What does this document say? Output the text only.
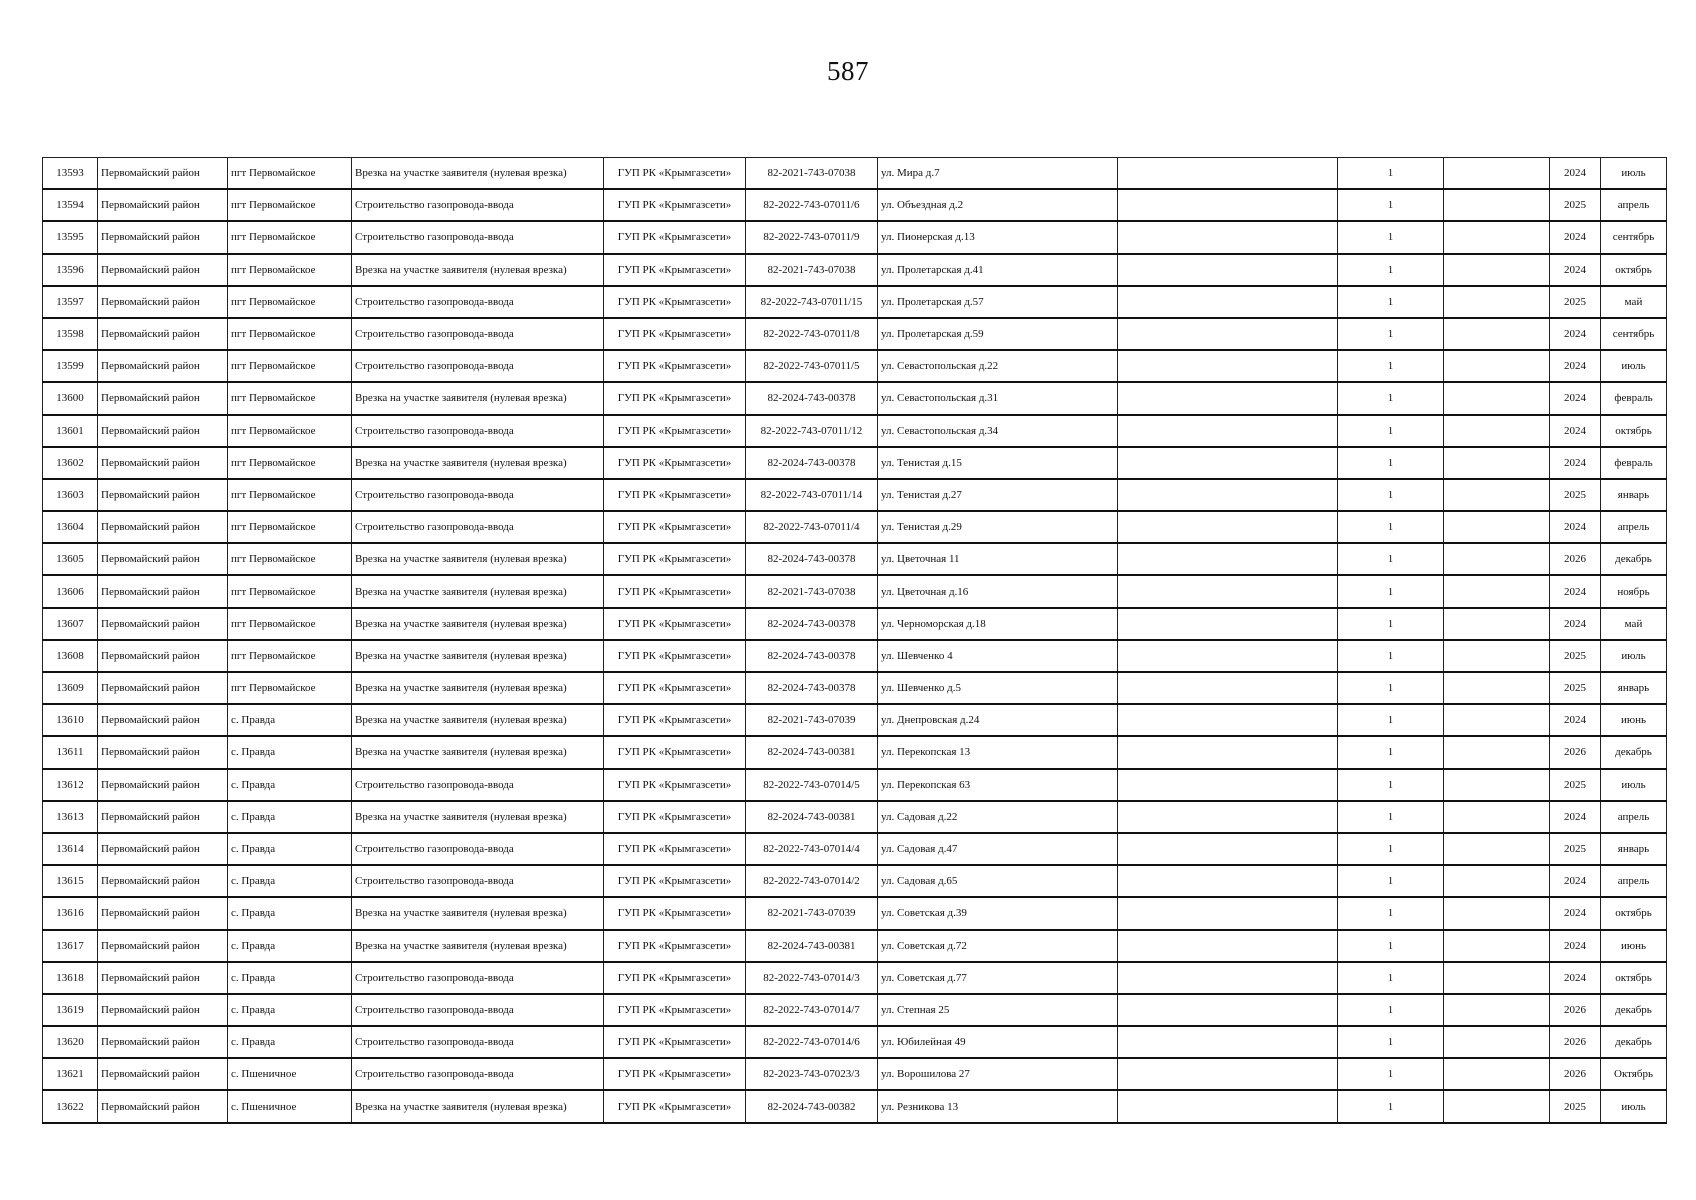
587
13593	Первомайский район	пгт Первомайское	Врезка на участке заявителя (нулевая врезка)	ГУП РК «Крымгазсети»	82-2021-743-07038	ул. Мира д.7		1		2024	июль
13594	Первомайский район	пгт Первомайское	Строительство газопровода-ввода	ГУП РК «Крымгазсети»	82-2022-743-07011/6	ул. Объездная д.2		1		2025	апрель
13595	Первомайский район	пгт Первомайское	Строительство газопровода-ввода	ГУП РК «Крымгазсети»	82-2022-743-07011/9	ул. Пионерская д.13		1		2024	сентябрь
13596	Первомайский район	пгт Первомайское	Врезка на участке заявителя (нулевая врезка)	ГУП РК «Крымгазсети»	82-2021-743-07038	ул. Пролетарская д.41		1		2024	октябрь
13597	Первомайский район	пгт Первомайское	Строительство газопровода-ввода	ГУП РК «Крымгазсети»	82-2022-743-07011/15	ул. Пролетарская д.57		1		2025	май
13598	Первомайский район	пгт Первомайское	Строительство газопровода-ввода	ГУП РК «Крымгазсети»	82-2022-743-07011/8	ул. Пролетарская д.59		1		2024	сентябрь
13599	Первомайский район	пгт Первомайское	Строительство газопровода-ввода	ГУП РК «Крымгазсети»	82-2022-743-07011/5	ул. Севастопольская д.22		1		2024	июль
13600	Первомайский район	пгт Первомайское	Врезка на участке заявителя (нулевая врезка)	ГУП РК «Крымгазсети»	82-2024-743-00378	ул. Севастопольская д.31		1		2024	февраль
13601	Первомайский район	пгт Первомайское	Строительство газопровода-ввода	ГУП РК «Крымгазсети»	82-2022-743-07011/12	ул. Севастопольская д.34		1		2024	октябрь
13602	Первомайский район	пгт Первомайское	Врезка на участке заявителя (нулевая врезка)	ГУП РК «Крымгазсети»	82-2024-743-00378	ул. Тенистая д.15		1		2024	февраль
13603	Первомайский район	пгт Первомайское	Строительство газопровода-ввода	ГУП РК «Крымгазсети»	82-2022-743-07011/14	ул. Тенистая д.27		1		2025	январь
13604	Первомайский район	пгт Первомайское	Строительство газопровода-ввода	ГУП РК «Крымгазсети»	82-2022-743-07011/4	ул. Тенистая д.29		1		2024	апрель
13605	Первомайский район	пгт Первомайское	Врезка на участке заявителя (нулевая врезка)	ГУП РК «Крымгазсети»	82-2024-743-00378	ул. Цветочная 11		1		2026	декабрь
13606	Первомайский район	пгт Первомайское	Врезка на участке заявителя (нулевая врезка)	ГУП РК «Крымгазсети»	82-2021-743-07038	ул. Цветочная д.16		1		2024	ноябрь
13607	Первомайский район	пгт Первомайское	Врезка на участке заявителя (нулевая врезка)	ГУП РК «Крымгазсети»	82-2024-743-00378	ул. Черноморская д.18		1		2024	май
13608	Первомайский район	пгт Первомайское	Врезка на участке заявителя (нулевая врезка)	ГУП РК «Крымгазсети»	82-2024-743-00378	ул. Шевченко 4		1		2025	июль
13609	Первомайский район	пгт Первомайское	Врезка на участке заявителя (нулевая врезка)	ГУП РК «Крымгазсети»	82-2024-743-00378	ул. Шевченко д.5		1		2025	январь
13610	Первомайский район	с. Правда	Врезка на участке заявителя (нулевая врезка)	ГУП РК «Крымгазсети»	82-2021-743-07039	ул. Днепровская д.24		1		2024	июнь
13611	Первомайский район	с. Правда	Врезка на участке заявителя (нулевая врезка)	ГУП РК «Крымгазсети»	82-2024-743-00381	ул. Перекопская 13		1		2026	декабрь
13612	Первомайский район	с. Правда	Строительство газопровода-ввода	ГУП РК «Крымгазсети»	82-2022-743-07014/5	ул. Перекопская 63		1		2025	июль
13613	Первомайский район	с. Правда	Врезка на участке заявителя (нулевая врезка)	ГУП РК «Крымгазсети»	82-2024-743-00381	ул. Садовая д.22		1		2024	апрель
13614	Первомайский район	с. Правда	Строительство газопровода-ввода	ГУП РК «Крымгазсети»	82-2022-743-07014/4	ул. Садовая д.47		1		2025	январь
13615	Первомайский район	с. Правда	Строительство газопровода-ввода	ГУП РК «Крымгазсети»	82-2022-743-07014/2	ул. Садовая д.65		1		2024	апрель
13616	Первомайский район	с. Правда	Врезка на участке заявителя (нулевая врезка)	ГУП РК «Крымгазсети»	82-2021-743-07039	ул. Советская д.39		1		2024	октябрь
13617	Первомайский район	с. Правда	Врезка на участке заявителя (нулевая врезка)	ГУП РК «Крымгазсети»	82-2024-743-00381	ул. Советская д.72		1		2024	июнь
13618	Первомайский район	с. Правда	Строительство газопровода-ввода	ГУП РК «Крымгазсети»	82-2022-743-07014/3	ул. Советская д.77		1		2024	октябрь
13619	Первомайский район	с. Правда	Строительство газопровода-ввода	ГУП РК «Крымгазсети»	82-2022-743-07014/7	ул. Степная 25		1		2026	декабрь
13620	Первомайский район	с. Правда	Строительство газопровода-ввода	ГУП РК «Крымгазсети»	82-2022-743-07014/6	ул. Юбилейная 49		1		2026	декабрь
13621	Первомайский район	с. Пшеничное	Строительство газопровода-ввода	ГУП РК «Крымгазсети»	82-2023-743-07023/3	ул. Ворошилова 27		1		2026	Октябрь
13622	Первомайский район	с. Пшеничное	Врезка на участке заявителя (нулевая врезка)	ГУП РК «Крымгазсети»	82-2024-743-00382	ул. Резникова 13		1		2025	июль
